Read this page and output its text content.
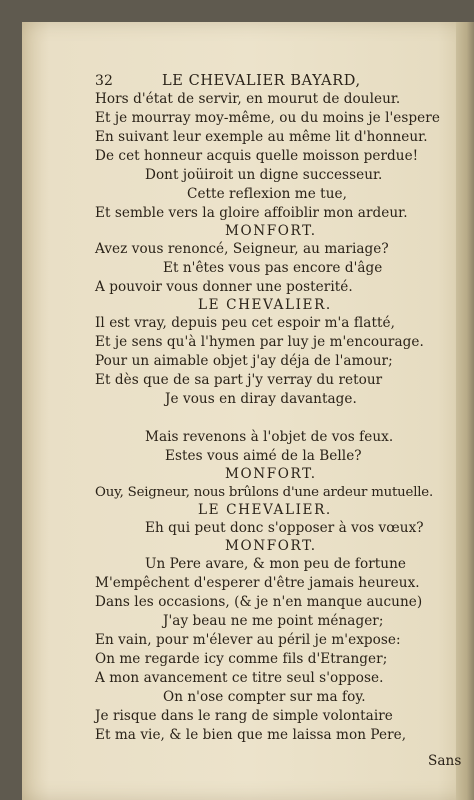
32	LE CHEVALIER BAYARD,
Hors d'état de servir, en mourut de douleur.
Et je mourray moy-même, ou du moins je l'espere
En suivant leur exemple au même lit d'honneur.
De cet honneur acquis quelle moisson perdue!
Dont joüiroit un digne successeur.
Cette reflexion me tue,
Et semble vers la gloire affoiblir mon ardeur.
MONFORT.
Avez vous renoncé, Seigneur, au mariage?
Et n'êtes vous pas encore d'âge
A pouvoir vous donner une posterité.
LE CHEVALIER.
Il est vray, depuis peu cet espoir m'a flatté,
Et je sens qu'à l'hymen par luy je m'encourage.
Pour un aimable objet j'ay déja de l'amour;
Et dès que de sa part j'y verray du retour
Je vous en diray davantage.
Mais revenons à l'objet de vos feux.
Estes vous aimé de la Belle?
MONFORT.
Ouy, Seigneur, nous brûlons d'une ardeur mutuelle.
LE CHEVALIER.
Eh qui peut donc s'opposer à vos vœux?
MONFORT.
Un Pere avare, & mon peu de fortune
M'empêchent d'esperer d'être jamais heureux.
Dans les occasions, (& je n'en manque aucune)
J'ay beau ne me point ménager;
En vain, pour m'élever au péril je m'expose:
On me regarde icy comme fils d'Etranger;
A mon avancement ce titre seul s'oppose.
On n'ose compter sur ma foy.
Je risque dans le rang de simple volontaire
Et ma vie, & le bien que me laissa mon Pere,
Sans
